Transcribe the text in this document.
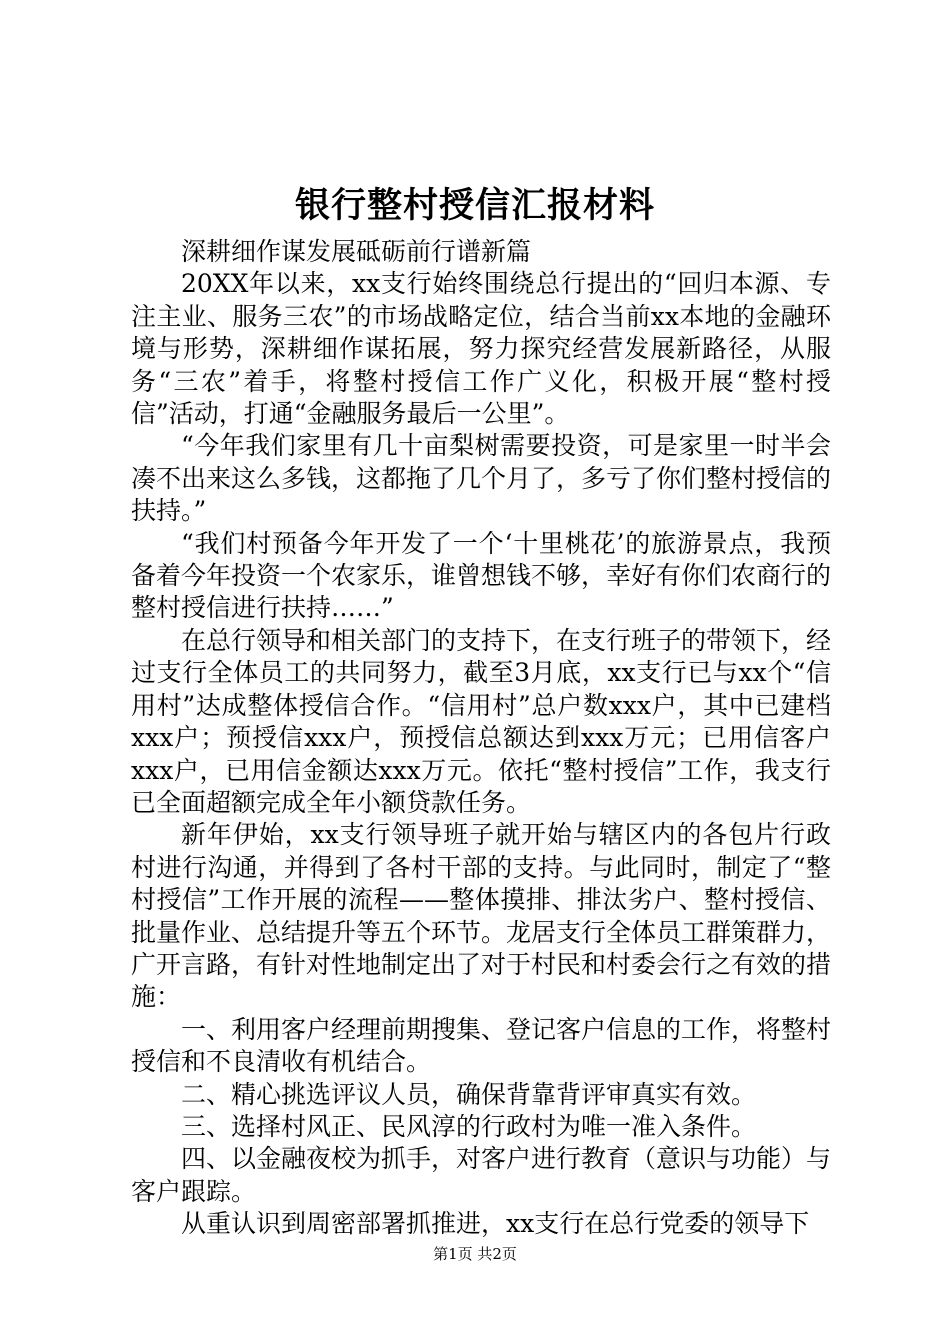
银行整村授信汇报材料

深耕细作谋发展砥砺前行谱新篇

20XX年以来，xx支行始终围绕总行提出的“回归本源、专注主业、服务三农”的市场战略定位，结合当前xx本地的金融环境与形势，深耕细作谋拓展，努力探究经营发展新路径，从服务“三农”着手，将整村授信工作广义化，积极开展“整村授信”活动，打通“金融服务最后一公里”。

“今年我们家里有几十亩梨树需要投资，可是家里一时半会凑不出来这么多钱，这都拖了几个月了，多亏了你们整村授信的扶持。”

“我们村预备今年开发了一个‘十里桃花’的旅游景点，我预备着今年投资一个农家乐，谁曾想钱不够，幸好有你们农商行的整村授信进行扶持……”

在总行领导和相关部门的支持下，在支行班子的带领下，经过支行全体员工的共同努力，截至3月底，xx支行已与xx个“信用村”达成整体授信合作。“信用村”总户数xxx户，其中已建档xxx户；预授信xxx户，预授信总额达到xxx万元；已用信客户xxx户，已用信金额达xxx万元。依托“整村授信”工作，我支行已全面超额完成全年小额贷款任务。

新年伊始，xx支行领导班子就开始与辖区内的各包片行政村进行沟通，并得到了各村干部的支持。与此同时，制定了“整村授信”工作开展的流程——整体摸排、排汰劣户、整村授信、批量作业、总结提升等五个环节。龙居支行全体员工群策群力，广开言路，有针对性地制定出了对于村民和村委会行之有效的措施：

一、利用客户经理前期搜集、登记客户信息的工作，将整村授信和不良清收有机结合。

二、精心挑选评议人员，确保背靠背评审真实有效。

三、选择村风正、民风淳的行政村为唯一准入条件。

四、以金融夜校为抓手，对客户进行教育（意识与功能）与客户跟踪。

从重认识到周密部署抓推进，xx支行在总行党委的领导下

第1页 共2页
